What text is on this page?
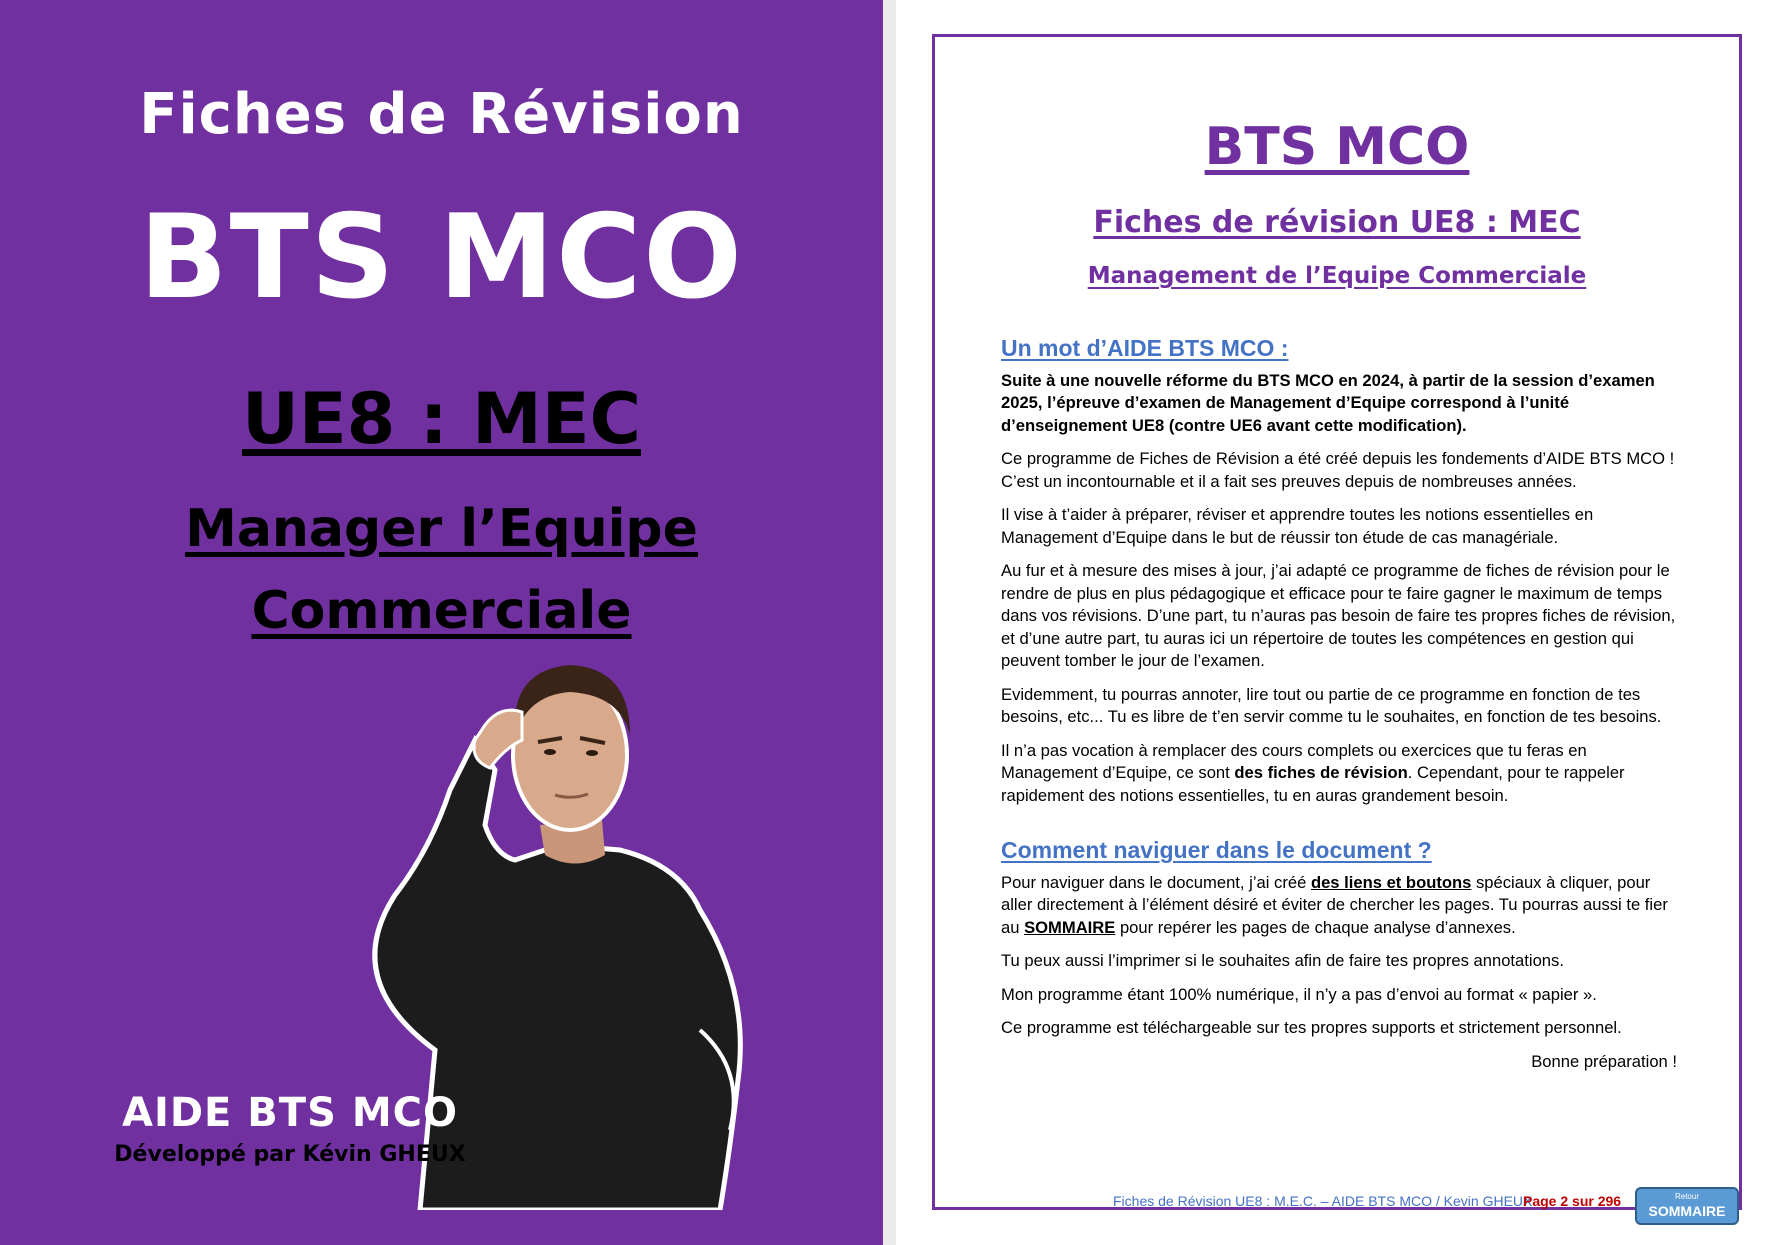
Fiches de Révision
BTS MCO
UE8 : MEC
Manager l’Equipe
Commerciale
AIDE BTS MCO
Développé par Kévin GHEUX
BTS MCO
Fiches de révision UE8 : MEC
Management de l’Equipe Commerciale
Un mot d’AIDE BTS MCO :

Suite à une nouvelle réforme du BTS MCO en 2024, à partir de la session d’examen 2025, l’épreuve d’examen de Management d’Equipe correspond à l’unité d’enseignement UE8 (contre UE6 avant cette modification).

Ce programme de Fiches de Révision a été créé depuis les fondements d’AIDE BTS MCO ! C’est un incontournable et il a fait ses preuves depuis de nombreuses années.

Il vise à t’aider à préparer, réviser et apprendre toutes les notions essentielles en Management d’Equipe dans le but de réussir ton étude de cas managériale.

Au fur et à mesure des mises à jour, j’ai adapté ce programme de fiches de révision pour le rendre de plus en plus pédagogique et efficace pour te faire gagner le maximum de temps dans vos révisions. D’une part, tu n’auras pas besoin de faire tes propres fiches de révision, et d’une autre part, tu auras ici un répertoire de toutes les compétences en gestion qui peuvent tomber le jour de l’examen.

Evidemment, tu pourras annoter, lire tout ou partie de ce programme en fonction de tes besoins, etc... Tu es libre de t’en servir comme tu le souhaites, en fonction de tes besoins.

Il n’a pas vocation à remplacer des cours complets ou exercices que tu feras en Management d’Equipe, ce sont des fiches de révision. Cependant, pour te rappeler rapidement des notions essentielles, tu en auras grandement besoin.

Comment naviguer dans le document ?

Pour naviguer dans le document, j’ai créé des liens et boutons spéciaux à cliquer, pour aller directement à l’élément désiré et éviter de chercher les pages. Tu pourras aussi te fier au SOMMAIRE pour repérer les pages de chaque analyse d’annexes.

Tu peux aussi l’imprimer si le souhaites afin de faire tes propres annotations.

Mon programme étant 100% numérique, il n’y a pas d’envoi au format « papier ».

Ce programme est téléchargeable sur tes propres supports et strictement personnel.

Bonne préparation !

Fiches de Révision UE8 : M.E.C. – AIDE BTS MCO / Kevin GHEUX
Page 2 sur 296	Retour
SOMMAIRE
